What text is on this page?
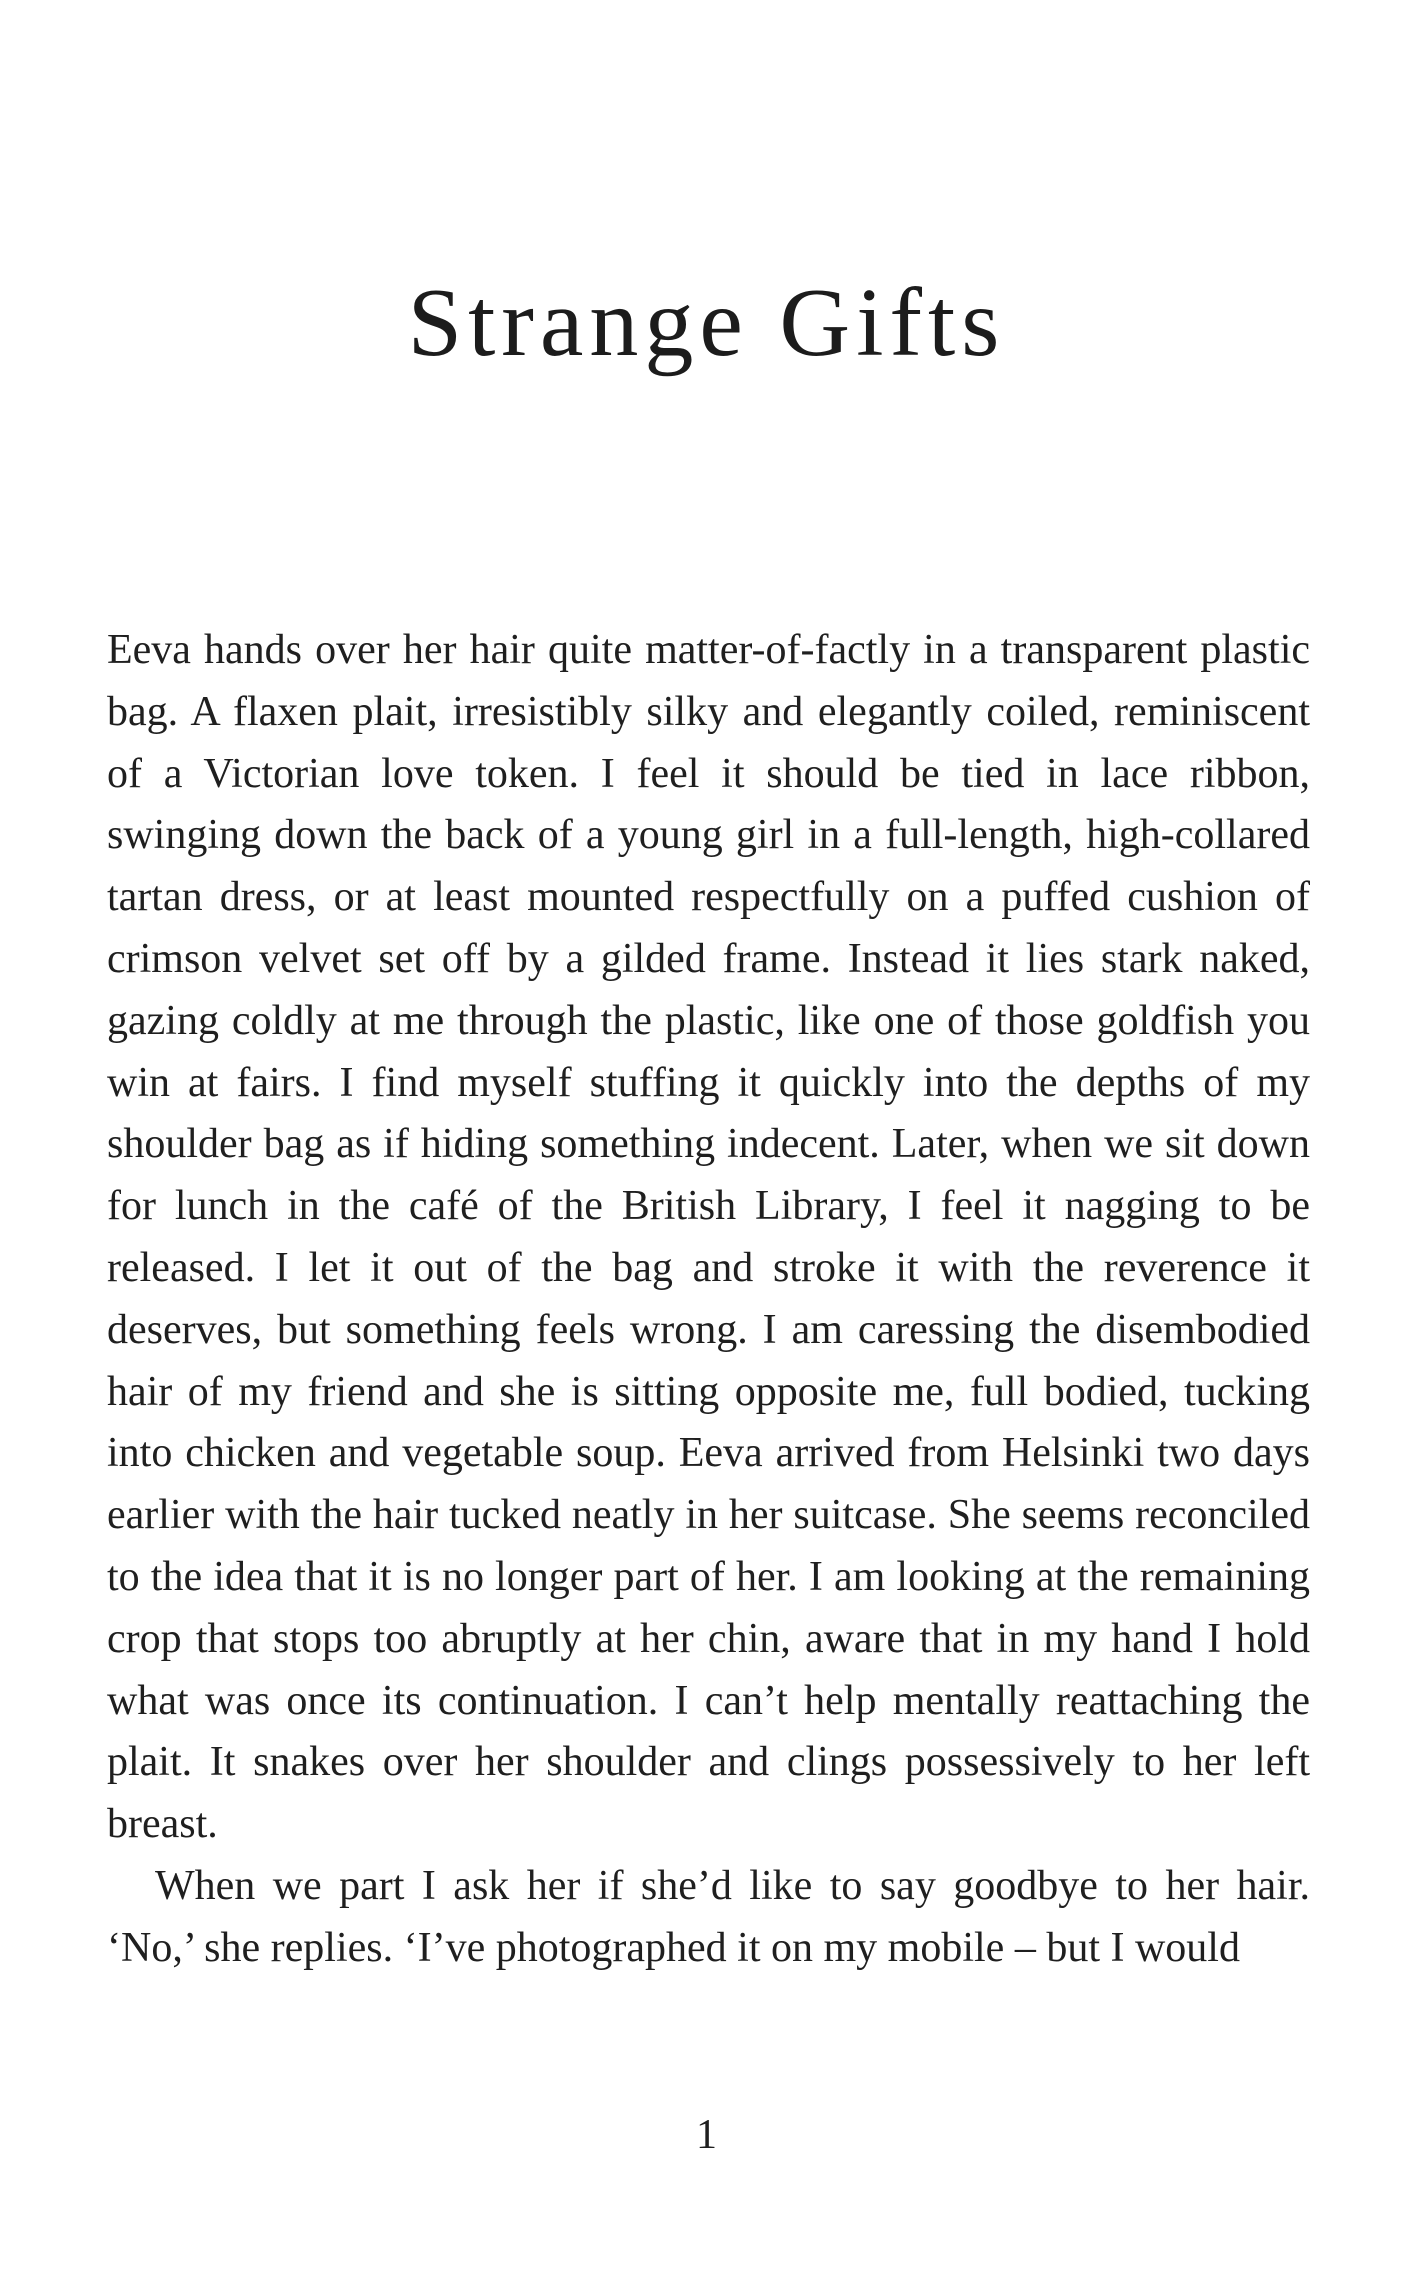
Strange Gifts

Eeva hands over her hair quite matter-of-factly in a transparent plastic bag. A flaxen plait, irresistibly silky and elegantly coiled, reminiscent of a Victorian love token. I feel it should be tied in lace ribbon, swinging down the back of a young girl in a full-length, high-collared tartan dress, or at least mounted respectfully on a puffed cushion of crimson velvet set off by a gilded frame. Instead it lies stark naked, gazing coldly at me through the plastic, like one of those goldfish you win at fairs. I find myself stuffing it quickly into the depths of my shoulder bag as if hiding something indecent. Later, when we sit down for lunch in the café of the British Library, I feel it nagging to be released. I let it out of the bag and stroke it with the reverence it deserves, but something feels wrong. I am caressing the disembodied hair of my friend and she is sitting opposite me, full bodied, tucking into chicken and vegetable soup. Eeva arrived from Helsinki two days earlier with the hair tucked neatly in her suitcase. She seems reconciled to the idea that it is no longer part of her. I am looking at the remaining crop that stops too abruptly at her chin, aware that in my hand I hold what was once its continuation. I can’t help mentally reattaching the plait. It snakes over her shoulder and clings possessively to her left breast.

When we part I ask her if she’d like to say goodbye to her hair. ‘No,’ she replies. ‘I’ve photographed it on my mobile – but I would

1
